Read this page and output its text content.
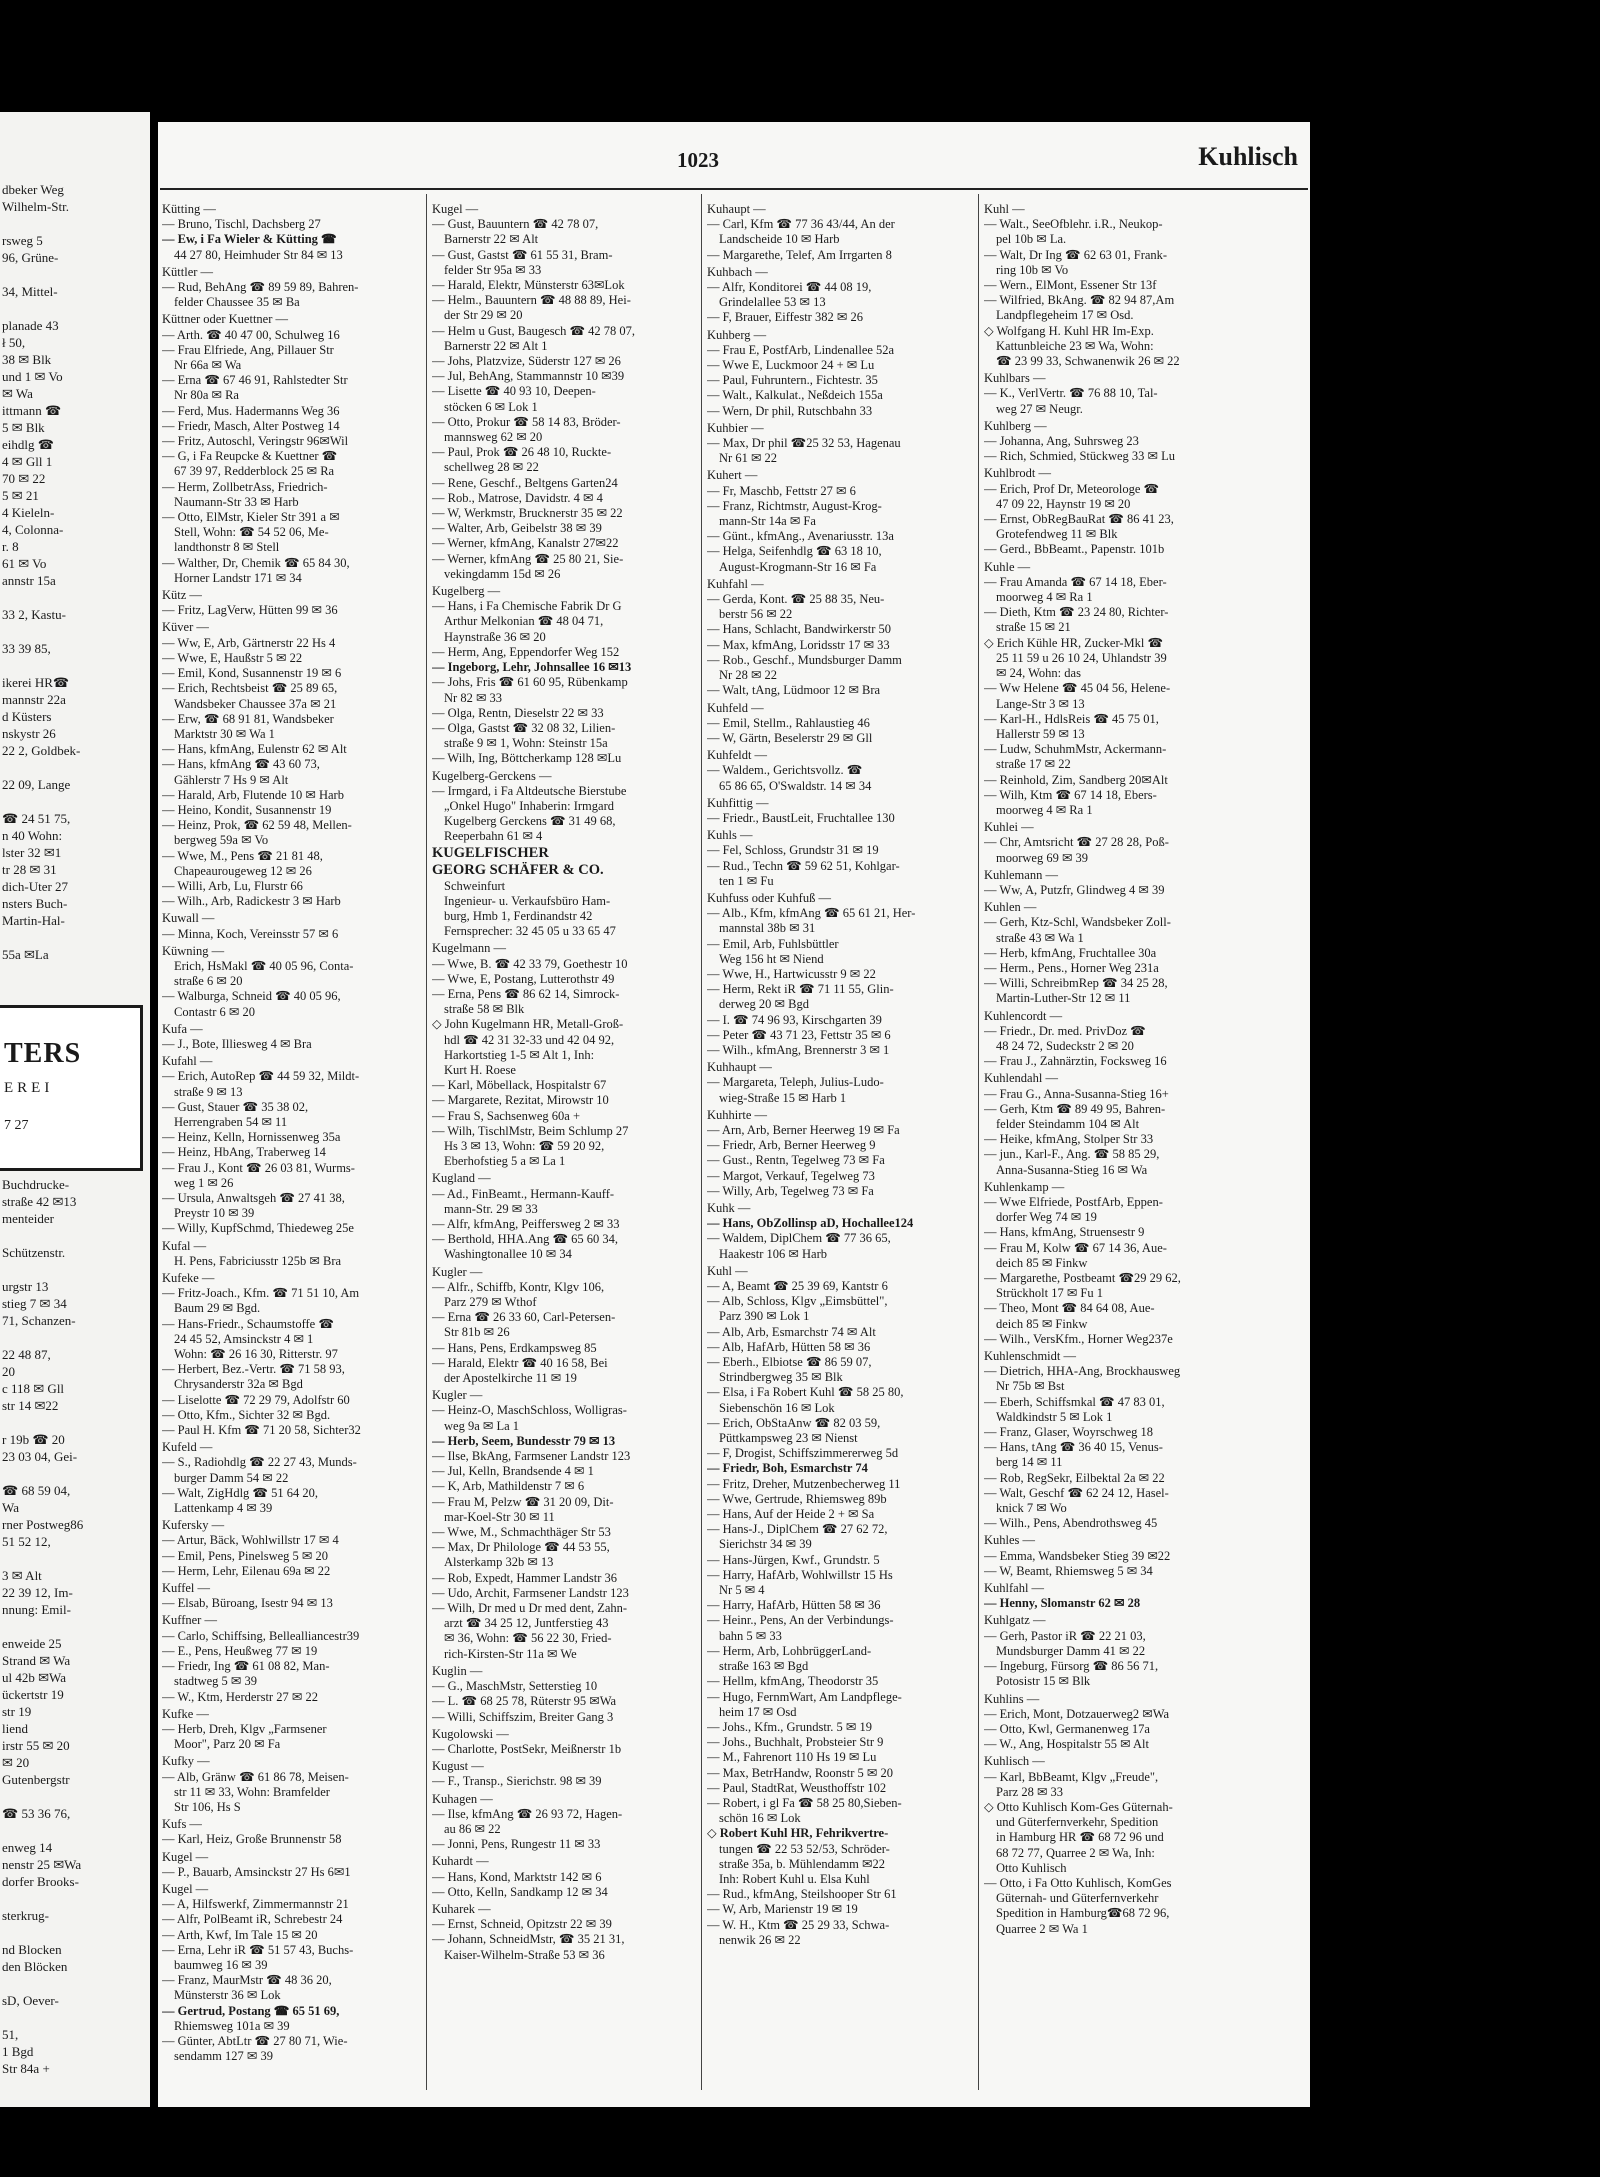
dbeker Weg
Wilhelm-Str.
rsweg 5
96, Grüne-
34, Mittel-
planade 43
ł 50,
38 ✉ Blk
und 1 ✉ Vo
✉ Wa
ittmann ☎
5 ✉ Blk
eihdlg ☎
4 ✉ Gll 1
70 ✉ 22
5 ✉ 21
4 Kieleln-
4, Colonna-
r. 8
61 ✉ Vo
annstr 15a
33 2, Kastu-
33 39 85,
ikerei HR☎
mannstr 22a
d Küsters
nskystr 26
22 2, Goldbek-
22 09, Lange
☎ 24 51 75,
n 40 Wohn:
lster 32 ✉1
tr 28 ✉ 31
dich-Uter 27
nsters Buch-
Martin-Hal-
55a ✉La
Buchdrucke-
straße 42 ✉13
menteider
Schützenstr.
urgstr 13
stieg 7 ✉ 34
71, Schanzen-
22 48 87,
20
c 118 ✉ Gll
str 14 ✉22
r 19b ☎ 20
23 03 04, Gei-
☎ 68 59 04,
Wa
rner Postweg86
51 52 12,
3 ✉ Alt
22 39 12, Im-
nnung: Emil-
enweide 25
Strand ✉ Wa
ul 42b ✉Wa
ückertstr 19
str 19
liend
irstr 55 ✉ 20
✉ 20
Gutenbergstr
☎ 53 36 76,
enweg 14
nenstr 25 ✉Wa
dorfer Brooks-
sterkrug-
nd Blocken
den Blöcken
sD, Oever-
51,
1 Bgd
Str 84a +
TERS
EREI
7 27
1023	Kuhlisch
Kütting —
— Bruno, Tischl, Dachsberg 27
— Ew, i Fa Wieler & Kütting ☎
44 27 80, Heimhuder Str 84 ✉ 13
Küttler —
— Rud, BehAng ☎ 89 59 89, Bahren-
felder Chaussee 35 ✉ Ba
Küttner oder Kuettner —
— Arth. ☎ 40 47 00, Schulweg 16
— Frau Elfriede, Ang, Pillauer Str
Nr 66a ✉ Wa
— Erna ☎ 67 46 91, Rahlstedter Str
Nr 80a ✉ Ra
— Ferd, Mus. Hadermanns Weg 36
— Friedr, Masch, Alter Postweg 14
— Fritz, Autoschl, Veringstr 96✉Wil
— G, i Fa Reupcke & Kuettner ☎
67 39 97, Redderblock 25 ✉ Ra
— Herm, ZollbetrAss, Friedrich-
Naumann-Str 33 ✉ Harb
— Otto, ElMstr, Kieler Str 391 a ✉
Stell, Wohn: ☎ 54 52 06, Me-
landthonstr 8 ✉ Stell
— Walther, Dr, Chemik ☎ 65 84 30,
Horner Landstr 171 ✉ 34
Kütz —
— Fritz, LagVerw, Hütten 99 ✉ 36
Küver —
— Ww, E, Arb, Gärtnerstr 22 Hs 4
— Wwe, E, Haußstr 5 ✉ 22
— Emil, Kond, Susannenstr 19 ✉ 6
— Erich, Rechtsbeist ☎ 25 89 65,
Wandsbeker Chaussee 37a ✉ 21
— Erw, ☎ 68 91 81, Wandsbeker
Marktstr 30 ✉ Wa 1
— Hans, kfmAng, Eulenstr 62 ✉ Alt
— Hans, kfmAng ☎ 43 60 73,
Gählerstr 7 Hs 9 ✉ Alt
— Harald, Arb, Flutende 10 ✉ Harb
— Heino, Kondit, Susannenstr 19
— Heinz, Prok, ☎ 62 59 48, Mellen-
bergweg 59a ✉ Vo
— Wwe, M., Pens ☎ 21 81 48,
Chapeaurougeweg 12 ✉ 26
— Willi, Arb, Lu, Flurstr 66
— Wilh., Arb, Radickestr 3 ✉ Harb
Kuwall —
— Minna, Koch, Vereinsstr 57 ✉ 6
Küwning —
Erich, HsMakl ☎ 40 05 96, Conta-
straße 6 ✉ 20
— Walburga, Schneid ☎ 40 05 96,
Contastr 6 ✉ 20
Kufa —
— J., Bote, Illiesweg 4 ✉ Bra
Kufahl —
— Erich, AutoRep ☎ 44 59 32, Mildt-
straße 9 ✉ 13
— Gust, Stauer ☎ 35 38 02,
Herrengraben 54 ✉ 11
— Heinz, Kelln, Hornissenweg 35a
— Heinz, HbAng, Traberweg 14
— Frau J., Kont ☎ 26 03 81, Wurms-
weg 1 ✉ 26
— Ursula, Anwaltsgeh ☎ 27 41 38,
Preystr 10 ✉ 39
— Willy, KupfSchmd, Thiedeweg 25e
Kufal —
H. Pens, Fabriciusstr 125b ✉ Bra
Kufeke —
— Fritz-Joach., Kfm. ☎ 71 51 10, Am
Baum 29 ✉ Bgd.
— Hans-Friedr., Schaumstoffe ☎
24 45 52, Amsinckstr 4 ✉ 1
Wohn: ☎ 26 16 30, Ritterstr. 97
— Herbert, Bez.-Vertr. ☎ 71 58 93,
Chrysanderstr 32a ✉ Bgd
— Liselotte ☎ 72 29 79, Adolfstr 60
— Otto, Kfm., Sichter 32 ✉ Bgd.
— Paul H. Kfm ☎ 71 20 58, Sichter32
Kufeld —
— S., Radiohdlg ☎ 22 27 43, Munds-
burger Damm 54 ✉ 22
— Walt, ZigHdlg ☎ 51 64 20,
Lattenkamp 4 ✉ 39
Kufersky —
— Artur, Bäck, Wohlwillstr 17 ✉ 4
— Emil, Pens, Pinelsweg 5 ✉ 20
— Herm, Lehr, Eilenau 69a ✉ 22
Kuffel —
— Elsab, Büroang, Isestr 94 ✉ 13
Kuffner —
— Carlo, Schiffsing, Bellealliancestr39
— E., Pens, Heußweg 77 ✉ 19
— Friedr, Ing ☎ 61 08 82, Man-
stadtweg 5 ✉ 39
— W., Ktm, Herderstr 27 ✉ 22
Kufke —
— Herb, Dreh, Klgv „Farmsener
Moor", Parz 20 ✉ Fa
Kufky —
— Alb, Gränw ☎ 61 86 78, Meisen-
str 11 ✉ 33, Wohn: Bramfelder
Str 106, Hs S
Kufs —
— Karl, Heiz, Große Brunnenstr 58
Kugel —
— P., Bauarb, Amsinckstr 27 Hs 6✉1
Kugel —
— A, Hilfswerkf, Zimmermannstr 21
— Alfr, PolBeamt iR, Schrebestr 24
— Arth, Kwf, Im Tale 15 ✉ 20
— Erna, Lehr iR ☎ 51 57 43, Buchs-
baumweg 16 ✉ 39
— Franz, MaurMstr ☎ 48 36 20,
Münsterstr 36 ✉ Lok
— Gertrud, Postang ☎ 65 51 69,
Rhiemsweg 101a ✉ 39
— Günter, AbtLtr ☎ 27 80 71, Wie-
sendamm 127 ✉ 39
Kugel —
— Gust, Bauuntern ☎ 42 78 07,
Barnerstr 22 ✉ Alt
— Gust, Gastst ☎ 61 55 31, Bram-
felder Str 95a ✉ 33
— Harald, Elektr, Münsterstr 63✉Lok
— Helm., Bauuntern ☎ 48 88 89, Hei-
der Str 29 ✉ 20
— Helm u Gust, Baugesch ☎ 42 78 07,
Barnerstr 22 ✉ Alt 1
— Johs, Platzvize, Süderstr 127 ✉ 26
— Jul, BehAng, Stammannstr 10 ✉39
— Lisette ☎ 40 93 10, Deepen-
stöcken 6 ✉ Lok 1
— Otto, Prokur ☎ 58 14 83, Bröder-
mannsweg 62 ✉ 20
— Paul, Prok ☎ 26 48 10, Ruckte-
schellweg 28 ✉ 22
— Rene, Geschf., Beltgens Garten24
— Rob., Matrose, Davidstr. 4 ✉ 4
— W, Werkmstr, Brucknerstr 35 ✉ 22
— Walter, Arb, Geibelstr 38 ✉ 39
— Werner, kfmAng, Kanalstr 27✉22
— Werner, kfmAng ☎ 25 80 21, Sie-
vekingdamm 15d ✉ 26
Kugelberg —
— Hans, i Fa Chemische Fabrik Dr G
Arthur Melkonian ☎ 48 04 71,
Haynstraße 36 ✉ 20
— Herm, Ang, Eppendorfer Weg 152
— Ingeborg, Lehr, Johnsallee 16 ✉13
— Johs, Fris ☎ 61 60 95, Rübenkamp
Nr 82 ✉ 33
— Olga, Rentn, Dieselstr 22 ✉ 33
— Olga, Gastst ☎ 32 08 32, Lilien-
straße 9 ✉ 1, Wohn: Steinstr 15a
— Wilh, Ing, Böttcherkamp 128 ✉Lu
Kugelberg-Gerckens —
— Irmgard, i Fa Altdeutsche Bierstube
„Onkel Hugo" Inhaberin: Irmgard
Kugelberg Gerckens ☎ 31 49 68,
Reeperbahn 61 ✉ 4
KUGELFISCHER
GEORG SCHÄFER & CO.
Schweinfurt
Ingenieur- u. Verkaufsbüro Ham-
burg, Hmb 1, Ferdinandstr 42
Fernsprecher: 32 45 05 u 33 65 47
Kugelmann —
— Wwe, B. ☎ 42 33 79, Goethestr 10
— Wwe, E, Postang, Lutterothstr 49
— Erna, Pens ☎ 86 62 14, Simrock-
straße 58 ✉ Blk
◇ John Kugelmann HR, Metall-Groß-
hdl ☎ 42 31 32-33 und 42 04 92,
Harkortstieg 1-5 ✉ Alt 1, Inh:
Kurt H. Roese
— Karl, Möbellack, Hospitalstr 67
— Margarete, Rezitat, Mirowstr 10
— Frau S, Sachsenweg 60a +
— Wilh, TischlMstr, Beim Schlump 27
Hs 3 ✉ 13, Wohn: ☎ 59 20 92,
Eberhofstieg 5 a ✉ La 1
Kugland —
— Ad., FinBeamt., Hermann-Kauff-
mann-Str. 29 ✉ 33
— Alfr, kfmAng, Peiffersweg 2 ✉ 33
— Berthold, HHA.Ang ☎ 65 60 34,
Washingtonallee 10 ✉ 34
Kugler —
— Alfr., Schiffb, Kontr, Klgv 106,
Parz 279 ✉ Wthof
— Erna ☎ 26 33 60, Carl-Petersen-
Str 81b ✉ 26
— Hans, Pens, Erdkampsweg 85
— Harald, Elektr ☎ 40 16 58, Bei
der Apostelkirche 11 ✉ 19
Kugler —
— Heinz-O, MaschSchloss, Wolligras-
weg 9a ✉ La 1
— Herb, Seem, Bundesstr 79 ✉ 13
— Ilse, BkAng, Farmsener Landstr 123
— Jul, Kelln, Brandsende 4 ✉ 1
— K, Arb, Mathildenstr 7 ✉ 6
— Frau M, Pelzw ☎ 31 20 09, Dit-
mar-Koel-Str 30 ✉ 11
— Wwe, M., Schmachthäger Str 53
— Max, Dr Philologe ☎ 44 53 55,
Alsterkamp 32b ✉ 13
— Rob, Expedt, Hammer Landstr 36
— Udo, Archit, Farmsener Landstr 123
— Wilh, Dr med u Dr med dent, Zahn-
arzt ☎ 34 25 12, Juntferstieg 43
✉ 36, Wohn: ☎ 56 22 30, Fried-
rich-Kirsten-Str 11a ✉ We
Kuglin —
— G., MaschMstr, Setterstieg 10
— L. ☎ 68 25 78, Rüterstr 95 ✉Wa
— Willi, Schiffszim, Breiter Gang 3
Kugolowski —
— Charlotte, PostSekr, Meißnerstr 1b
Kugust —
— F., Transp., Sierichstr. 98 ✉ 39
Kuhagen —
— Ilse, kfmAng ☎ 26 93 72, Hagen-
au 86 ✉ 22
— Jonni, Pens, Rungestr 11 ✉ 33
Kuhardt —
— Hans, Kond, Marktstr 142 ✉ 6
— Otto, Kelln, Sandkamp 12 ✉ 34
Kuharek —
— Ernst, Schneid, Opitzstr 22 ✉ 39
— Johann, SchneidMstr, ☎ 35 21 31,
Kaiser-Wilhelm-Straße 53 ✉ 36
Kuhaupt —
— Carl, Kfm ☎ 77 36 43/44, An der
Landscheide 10 ✉ Harb
— Margarethe, Telef, Am Irrgarten 8
Kuhbach —
— Alfr, Konditorei ☎ 44 08 19,
Grindelallee 53 ✉ 13
— F, Brauer, Eiffestr 382 ✉ 26
Kuhberg —
— Frau E, PostfArb, Lindenallee 52a
— Wwe E, Luckmoor 24 + ✉ Lu
— Paul, Fuhruntern., Fichtestr. 35
— Walt., Kalkulat., Neßdeich 155a
— Wern, Dr phil, Rutschbahn 33
Kuhbier —
— Max, Dr phil ☎25 32 53, Hagenau
Nr 61 ✉ 22
Kuhert —
— Fr, Maschb, Fettstr 27 ✉ 6
— Franz, Richtmstr, August-Krog-
mann-Str 14a ✉ Fa
— Günt., kfmAng., Avenariusstr. 13a
— Helga, Seifenhdlg ☎ 63 18 10,
August-Krogmann-Str 16 ✉ Fa
Kuhfahl —
— Gerda, Kont. ☎ 25 88 35, Neu-
berstr 56 ✉ 22
— Hans, Schlacht, Bandwirkerstr 50
— Max, kfmAng, Loridsstr 17 ✉ 33
— Rob., Geschf., Mundsburger Damm
Nr 28 ✉ 22
— Walt, tAng, Lüdmoor 12 ✉ Bra
Kuhfeld —
— Emil, Stellm., Rahlaustieg 46
— W, Gärtn, Beselerstr 29 ✉ Gll
Kuhfeldt —
— Waldem., Gerichtsvollz. ☎
65 86 65, O'Swaldstr. 14 ✉ 34
Kuhfittig —
— Friedr., BaustLeit, Fruchtallee 130
Kuhls —
— Fel, Schloss, Grundstr 31 ✉ 19
— Rud., Techn ☎ 59 62 51, Kohlgar-
ten 1 ✉ Fu
Kuhfuss oder Kuhfuß —
— Alb., Kfm, kfmAng ☎ 65 61 21, Her-
mannstal 38b ✉ 31
— Emil, Arb, Fuhlsbüttler
Weg 156 ht ✉ Niend
— Wwe, H., Hartwicusstr 9 ✉ 22
— Herm, Rekt iR ☎ 71 11 55, Glin-
derweg 20 ✉ Bgd
— I. ☎ 74 96 93, Kirschgarten 39
— Peter ☎ 43 71 23, Fettstr 35 ✉ 6
— Wilh., kfmAng, Brennerstr 3 ✉ 1
Kuhhaupt —
— Margareta, Teleph, Julius-Ludo-
wieg-Straße 15 ✉ Harb 1
Kuhhirte —
— Arn, Arb, Berner Heerweg 19 ✉ Fa
— Friedr, Arb, Berner Heerweg 9
— Gust., Rentn, Tegelweg 73 ✉ Fa
— Margot, Verkauf, Tegelweg 73
— Willy, Arb, Tegelweg 73 ✉ Fa
Kuhk —
— Hans, ObZollinsp aD, Hochallee124
— Waldem, DiplChem ☎ 77 36 65,
Haakestr 106 ✉ Harb
Kuhl —
— A, Beamt ☎ 25 39 69, Kantstr 6
— Alb, Schloss, Klgv „Eimsbüttel",
Parz 390 ✉ Lok 1
— Alb, Arb, Esmarchstr 74 ✉ Alt
— Alb, HafArb, Hütten 58 ✉ 36
— Eberh., Elbiotse ☎ 86 59 07,
Strindbergweg 35 ✉ Blk
— Elsa, i Fa Robert Kuhl ☎ 58 25 80,
Siebenschön 16 ✉ Lok
— Erich, ObStaAnw ☎ 82 03 59,
Püttkampsweg 23 ✉ Nienst
— F, Drogist, Schiffszimmererweg 5d
— Friedr, Boh, Esmarchstr 74
— Fritz, Dreher, Mutzenbecherweg 11
— Wwe, Gertrude, Rhiemsweg 89b
— Hans, Auf der Heide 2 + ✉ Sa
— Hans-J., DiplChem ☎ 27 62 72,
Sierichstr 34 ✉ 39
— Hans-Jürgen, Kwf., Grundstr. 5
— Harry, HafArb, Wohlwillstr 15 Hs
Nr 5 ✉ 4
— Harry, HafArb, Hütten 58 ✉ 36
— Heinr., Pens, An der Verbindungs-
bahn 5 ✉ 33
— Herm, Arb, LohbrüggerLand-
straße 163 ✉ Bgd
— Hellm, kfmAng, Theodorstr 35
— Hugo, FernmWart, Am Landpflege-
heim 17 ✉ Osd
— Johs., Kfm., Grundstr. 5 ✉ 19
— Johs., Buchhalt, Probsteier Str 9
— M., Fahrenort 110 Hs 19 ✉ Lu
— Max, BetrHandw, Roonstr 5 ✉ 20
— Paul, StadtRat, Weusthoffstr 102
— Robert, i gl Fa ☎ 58 25 80,Sieben-
schön 16 ✉ Lok
◇ Robert Kuhl HR, Fehrikvertre-
tungen ☎ 22 53 52/53, Schröder-
straße 35a, b. Mühlendamm ✉22
Inh: Robert Kuhl u. Elsa Kuhl
— Rud., kfmAng, Steilshooper Str 61
— W, Arb, Marienstr 19 ✉ 19
— W. H., Ktm ☎ 25 29 33, Schwa-
nenwik 26 ✉ 22
Kuhl —
— Walt., SeeOfblehr. i.R., Neukop-
pel 10b ✉ La.
— Walt, Dr Ing ☎ 62 63 01, Frank-
ring 10b ✉ Vo
— Wern., ElMont, Essener Str 13f
— Wilfried, BkAng. ☎ 82 94 87,Am
Landpflegeheim 17 ✉ Osd.
◇ Wolfgang H. Kuhl HR Im-Exp.
Kattunbleiche 23 ✉ Wa, Wohn:
☎ 23 99 33, Schwanenwik 26 ✉ 22
Kuhlbars —
— K., VerlVertr. ☎ 76 88 10, Tal-
weg 27 ✉ Neugr.
Kuhlberg —
— Johanna, Ang, Suhrsweg 23
— Rich, Schmied, Stückweg 33 ✉ Lu
Kuhlbrodt —
— Erich, Prof Dr, Meteorologe ☎
47 09 22, Haynstr 19 ✉ 20
— Ernst, ObRegBauRat ☎ 86 41 23,
Grotefendweg 11 ✉ Blk
— Gerd., BbBeamt., Papenstr. 101b
Kuhle —
— Frau Amanda ☎ 67 14 18, Eber-
moorweg 4 ✉ Ra 1
— Dieth, Ktm ☎ 23 24 80, Richter-
straße 15 ✉ 21
◇ Erich Kühle HR, Zucker-Mkl ☎
25 11 59 u 26 10 24, Uhlandstr 39
✉ 24, Wohn: das
— Ww Helene ☎ 45 04 56, Helene-
Lange-Str 3 ✉ 13
— Karl-H., HdlsReis ☎ 45 75 01,
Hallerstr 59 ✉ 13
— Ludw, SchuhmMstr, Ackermann-
straße 17 ✉ 22
— Reinhold, Zim, Sandberg 20✉Alt
— Wilh, Ktm ☎ 67 14 18, Ebers-
moorweg 4 ✉ Ra 1
Kuhlei —
— Chr, Amtsricht ☎ 27 28 28, Poß-
moorweg 69 ✉ 39
Kuhlemann —
— Ww, A, Putzfr, Glindweg 4 ✉ 39
Kuhlen —
— Gerh, Ktz-Schl, Wandsbeker Zoll-
straße 43 ✉ Wa 1
— Herb, kfmAng, Fruchtallee 30a
— Herm., Pens., Horner Weg 231a
— Willi, SchreibmRep ☎ 34 25 28,
Martin-Luther-Str 12 ✉ 11
Kuhlencordt —
— Friedr., Dr. med. PrivDoz ☎
48 24 72, Sudeckstr 2 ✉ 20
— Frau J., Zahnärztin, Focksweg 16
Kuhlendahl —
— Frau G., Anna-Susanna-Stieg 16+
— Gerh, Ktm ☎ 89 49 95, Bahren-
felder Steindamm 104 ✉ Alt
— Heike, kfmAng, Stolper Str 33
— jun., Karl-F., Ang. ☎ 58 85 29,
Anna-Susanna-Stieg 16 ✉ Wa
Kuhlenkamp —
— Wwe Elfriede, PostfArb, Eppen-
dorfer Weg 74 ✉ 19
— Hans, kfmAng, Struensestr 9
— Frau M, Kolw ☎ 67 14 36, Aue-
deich 85 ✉ Finkw
— Margarethe, Postbeamt ☎29 29 62,
Strückholt 17 ✉ Fu 1
— Theo, Mont ☎ 84 64 08, Aue-
deich 85 ✉ Finkw
— Wilh., VersKfm., Horner Weg237e
Kuhlenschmidt —
— Dietrich, HHA-Ang, Brockhausweg
Nr 75b ✉ Bst
— Eberh, Schiffsmkal ☎ 47 83 01,
Waldkindstr 5 ✉ Lok 1
— Franz, Glaser, Woyrschweg 18
— Hans, tAng ☎ 36 40 15, Venus-
berg 14 ✉ 11
— Rob, RegSekr, Eilbektal 2a ✉ 22
— Walt, Geschf ☎ 62 24 12, Hasel-
knick 7 ✉ Wo
— Wilh., Pens, Abendrothsweg 45
Kuhles —
— Emma, Wandsbeker Stieg 39 ✉22
— W, Beamt, Rhiemsweg 5 ✉ 34
Kuhlfahl —
— Henny, Slomanstr 62 ✉ 28
Kuhlgatz —
— Gerh, Pastor iR ☎ 22 21 03,
Mundsburger Damm 41 ✉ 22
— Ingeburg, Fürsorg ☎ 86 56 71,
Potosistr 15 ✉ Blk
Kuhlins —
— Erich, Mont, Dotzauerweg2 ✉Wa
— Otto, Kwl, Germanenweg 17a
— W., Ang, Hospitalstr 55 ✉ Alt
Kuhlisch —
— Karl, BbBeamt, Klgv „Freude",
Parz 28 ✉ 33
◇ Otto Kuhlisch Kom-Ges Güternah-
und Güterfernverkehr, Spedition
in Hamburg HR ☎ 68 72 96 und
68 72 77, Quarree 2 ✉ Wa, Inh:
Otto Kuhlisch
— Otto, i Fa Otto Kuhlisch, KomGes
Güternah- und Güterfernverkehr
Spedition in Hamburg☎68 72 96,
Quarree 2 ✉ Wa 1
